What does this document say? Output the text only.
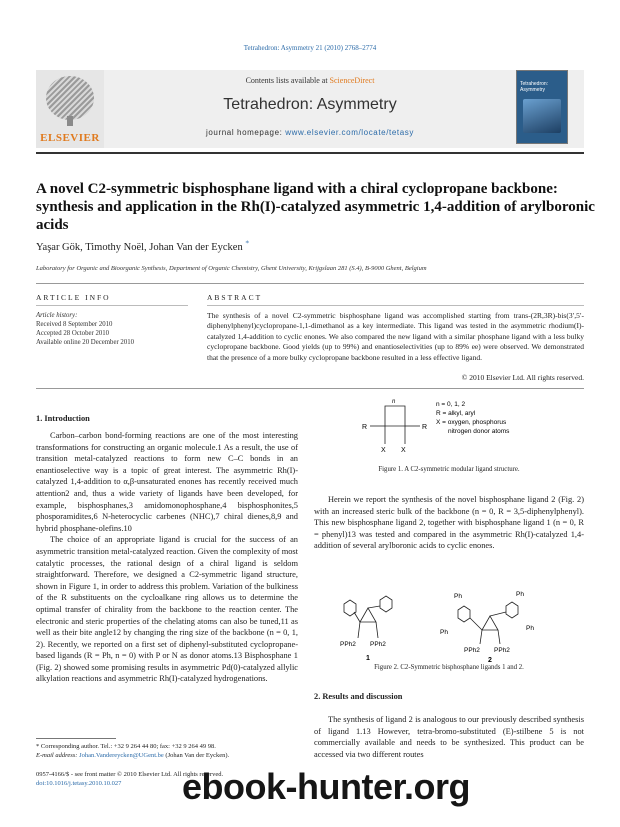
Tetrahedron: Asymmetry 21 (2010) 2768–2774
ELSEVIER
Contents lists available at ScienceDirect
Tetrahedron: Asymmetry
journal homepage: www.elsevier.com/locate/tetasy
Tetrahedron: Asymmetry
A novel C2-symmetric bisphosphane ligand with a chiral cyclopropane backbone: synthesis and application in the Rh(I)-catalyzed asymmetric 1,4-addition of arylboronic acids
Yaşar Gök, Timothy Noël, Johan Van der Eycken *
Laboratory for Organic and Bioorganic Synthesis, Department of Organic Chemistry, Ghent University, Krijgslaan 281 (S.4), B-9000 Ghent, Belgium
ARTICLE INFO	ABSTRACT
Article history:
Received 8 September 2010
Accepted 28 October 2010
Available online 20 December 2010
The synthesis of a novel C2-symmetric bisphosphane ligand was accomplished starting from trans-(2R,3R)-bis(3′,5′-diphenylphenyl)cyclopropane-1,1-dimethanol as a key intermediate. This ligand was tested in the asymmetric rhodium(I)-catalyzed 1,4-addition to cyclic enones. We also compared the new ligand with a similar phosphane ligand with a less bulky cyclopropane backbone. Good yields (up to 99%) and enantioselectivities (up to 89% ee) were observed. We demonstrated that the presence of a more bulky cyclopropane backbone resulted in a less effective ligand.
© 2010 Elsevier Ltd. All rights reserved.
1. Introduction

Carbon–carbon bond-forming reactions are one of the most interesting transformations for constructing an organic molecule.1 As a result, the use of transition metal-catalyzed reactions to form new C–C bonds in an enantioselective way is a topic of great interest. The asymmetric Rh(I)-catalyzed 1,4-addition to α,β-unsaturated enones has recently received much attention2 and, thus a wide variety of ligands have been developed, for example, bisphosphanes,3 amidomonophosphane,4 bisphosphonites,5 phosporamidites,6 N-heterocyclic carbenes (NHC),7 chiral dienes,8,9 and hybrid phosphane-olefins.10

The choice of an appropriate ligand is crucial for the success of an asymmetric transition metal-catalyzed reaction. Given the complexity of most catalytic processes, the rational design of a chiral ligand is seldom straightforward. Therefore, we designed a C2-symmetric ligand structure, shown in Figure 1, in order to address this problem. Variation of the bulkiness of the R substituents on the cycloalkane ring allows us to determine the optimal transfer of chirality from the backbone to the reaction center. The electronic and steric properties of the chelating atoms can also be tuned,11 as well as their bite angle12 by changing the ring size of the backbone (n = 0, 1, 2). Recently, we reported on a first set of diphenyl-substituted cyclopropane-based ligands (R = Ph, n = 0) with P or N as donor atoms.13 Bisphosphane 1 (Fig. 2) showed some promising results in asymmetric Pd(0)-catalyzed allylic alkylation reactions and asymmetric Rh(I)-catalyzed hydrogenations.

R	R
X X
n	n = 0, 1, 2
R = alkyl, aryl
X = oxygen, phosphorus
nitrogen donor atoms
Figure 1. A C2-symmetric modular ligand structure.

Herein we report the synthesis of the novel bisphosphane ligand 2 (Fig. 2) with an increased steric bulk of the backbone (n = 0, R = 3,5-diphenylphenyl). This new bisphosphane ligand 2, together with bisphosphane ligand 1 (n = 0, R = phenyl)13 was tested and compared in the asymmetric Rh(I)-catalyzed 1,4-addition of several arylboronic acids to cyclic enones.

PPh2 PPh2
1
Ph
Ph
Ph
Ph
PPh2 PPh2
2
Figure 2. C2-Symmetric bisphosphane ligands 1 and 2.
2. Results and discussion

The synthesis of ligand 2 is analogous to our previously described synthesis of ligand 1.13 However, tetra-bromo-substituted (E)-stilbene 5 is not commercially available and needs to be synthesized. This product can be accessed via two different routes

* Corresponding author. Tel.: +32 9 264 44 80; fax: +32 9 264 49 98.
E-mail address: Johan.Vandereycken@UGent.be (Johan Van der Eycken).
0957-4166/$ - see front matter © 2010 Elsevier Ltd. All rights reserved.
doi:10.1016/j.tetasy.2010.10.027	ebook-hunter.org
